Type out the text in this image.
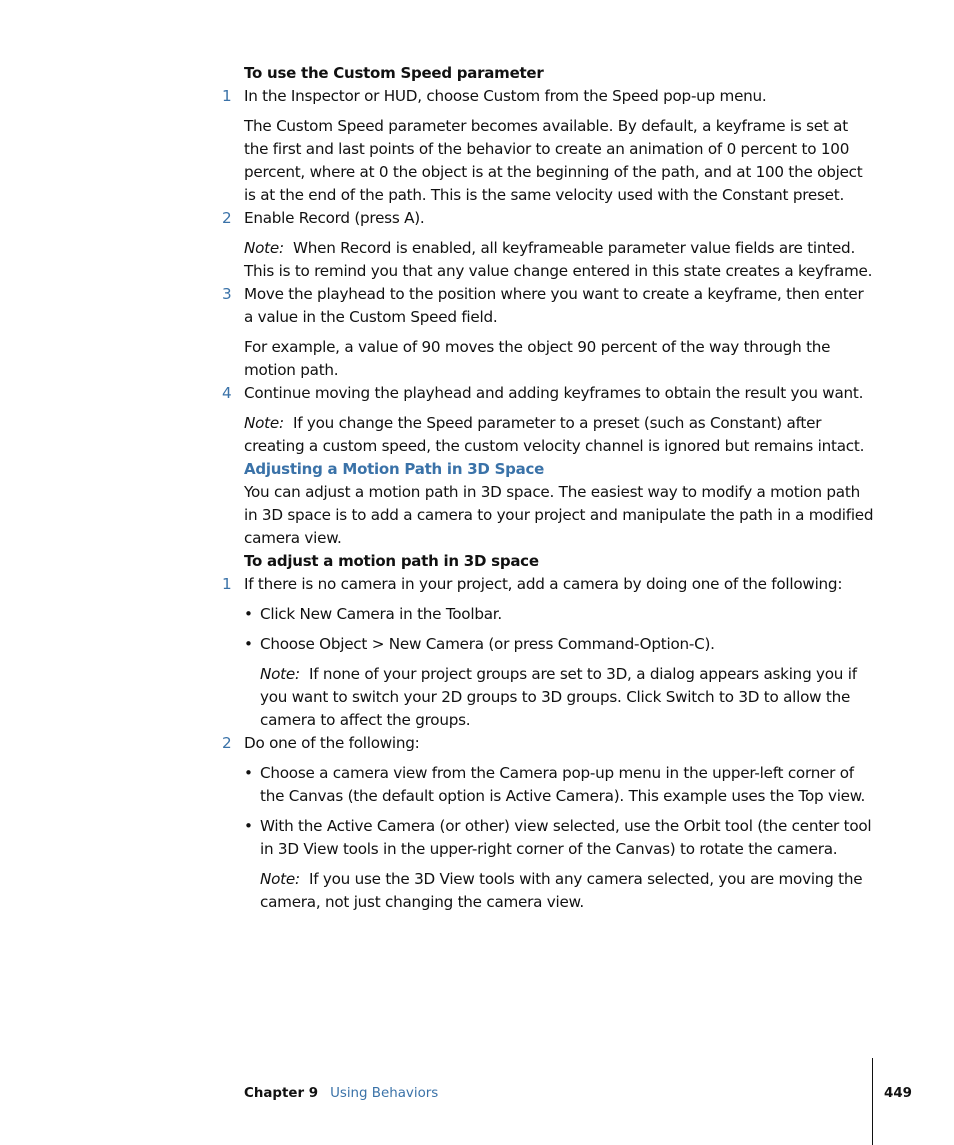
To use the Custom Speed parameter

1 In the Inspector or HUD, choose Custom from the Speed pop-up menu.

The Custom Speed parameter becomes available. By default, a keyframe is set at the first and last points of the behavior to create an animation of 0 percent to 100 percent, where at 0 the object is at the beginning of the path, and at 100 the object is at the end of the path. This is the same velocity used with the Constant preset.

2 Enable Record (press A).

Note: When Record is enabled, all keyframeable parameter value fields are tinted. This is to remind you that any value change entered in this state creates a keyframe.

3 Move the playhead to the position where you want to create a keyframe, then enter a value in the Custom Speed field.

For example, a value of 90 moves the object 90 percent of the way through the motion path.

4 Continue moving the playhead and adding keyframes to obtain the result you want.

Note: If you change the Speed parameter to a preset (such as Constant) after creating a custom speed, the custom velocity channel is ignored but remains intact.

Adjusting a Motion Path in 3D Space

You can adjust a motion path in 3D space. The easiest way to modify a motion path in 3D space is to add a camera to your project and manipulate the path in a modified camera view.

To adjust a motion path in 3D space

1 If there is no camera in your project, add a camera by doing one of the following:

• Click New Camera in the Toolbar.

• Choose Object > New Camera (or press Command-Option-C).

Note: If none of your project groups are set to 3D, a dialog appears asking you if you want to switch your 2D groups to 3D groups. Click Switch to 3D to allow the camera to affect the groups.

2 Do one of the following:

• Choose a camera view from the Camera pop-up menu in the upper-left corner of the Canvas (the default option is Active Camera). This example uses the Top view.

• With the Active Camera (or other) view selected, use the Orbit tool (the center tool in 3D View tools in the upper-right corner of the Canvas) to rotate the camera.

Note: If you use the 3D View tools with any camera selected, you are moving the camera, not just changing the camera view.

Chapter 9 Using Behaviors	449
